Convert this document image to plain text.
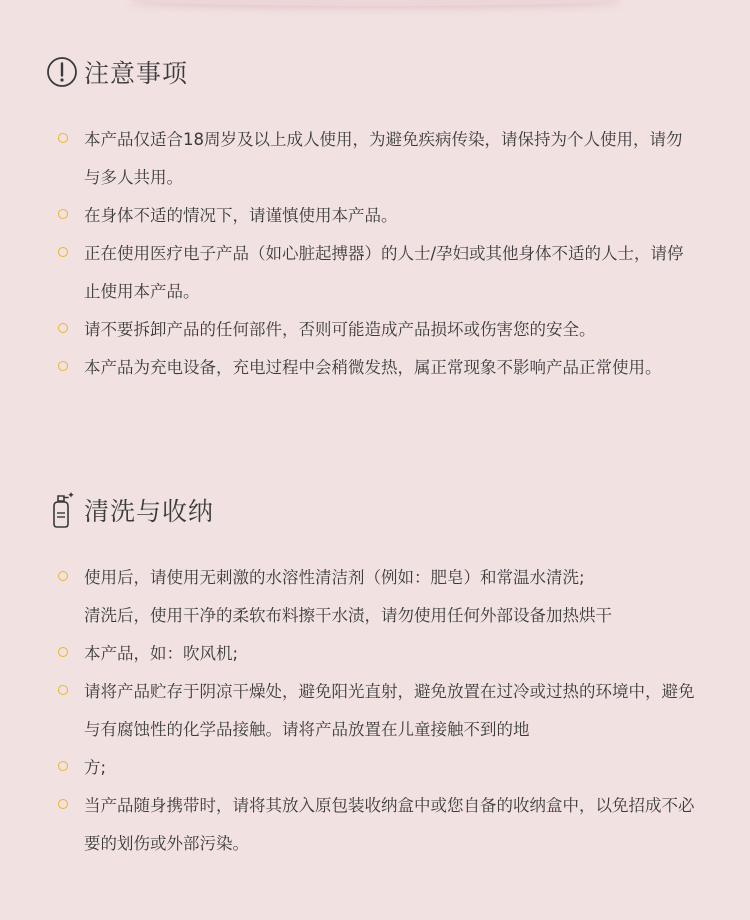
注意事项
本产品仅适合18周岁及以上成人使用，为避免疾病传染，请保持为个人使用，请勿与多人共用。
在身体不适的情况下，请谨慎使用本产品。
正在使用医疗电子产品（如心脏起搏器）的人士/孕妇或其他身体不适的人士，请停止使用本产品。
请不要拆卸产品的任何部件，否则可能造成产品损坏或伤害您的安全。
本产品为充电设备，充电过程中会稍微发热，属正常现象不影响产品正常使用。
清洗与收纳
使用后，请使用无刺激的水溶性清洁剂（例如：肥皂）和常温水清洗;
清洗后，使用干净的柔软布料擦干水渍，请勿使用任何外部设备加热烘干
本产品，如：吹风机;
请将产品贮存于阴凉干燥处，避免阳光直射，避免放置在过冷或过热的环境中，避免与有腐蚀性的化学品接触。请将产品放置在儿童接触不到的地
方;
当产品随身携带时，请将其放入原包装收纳盒中或您自备的收纳盒中，以免招成不必要的划伤或外部污染。
